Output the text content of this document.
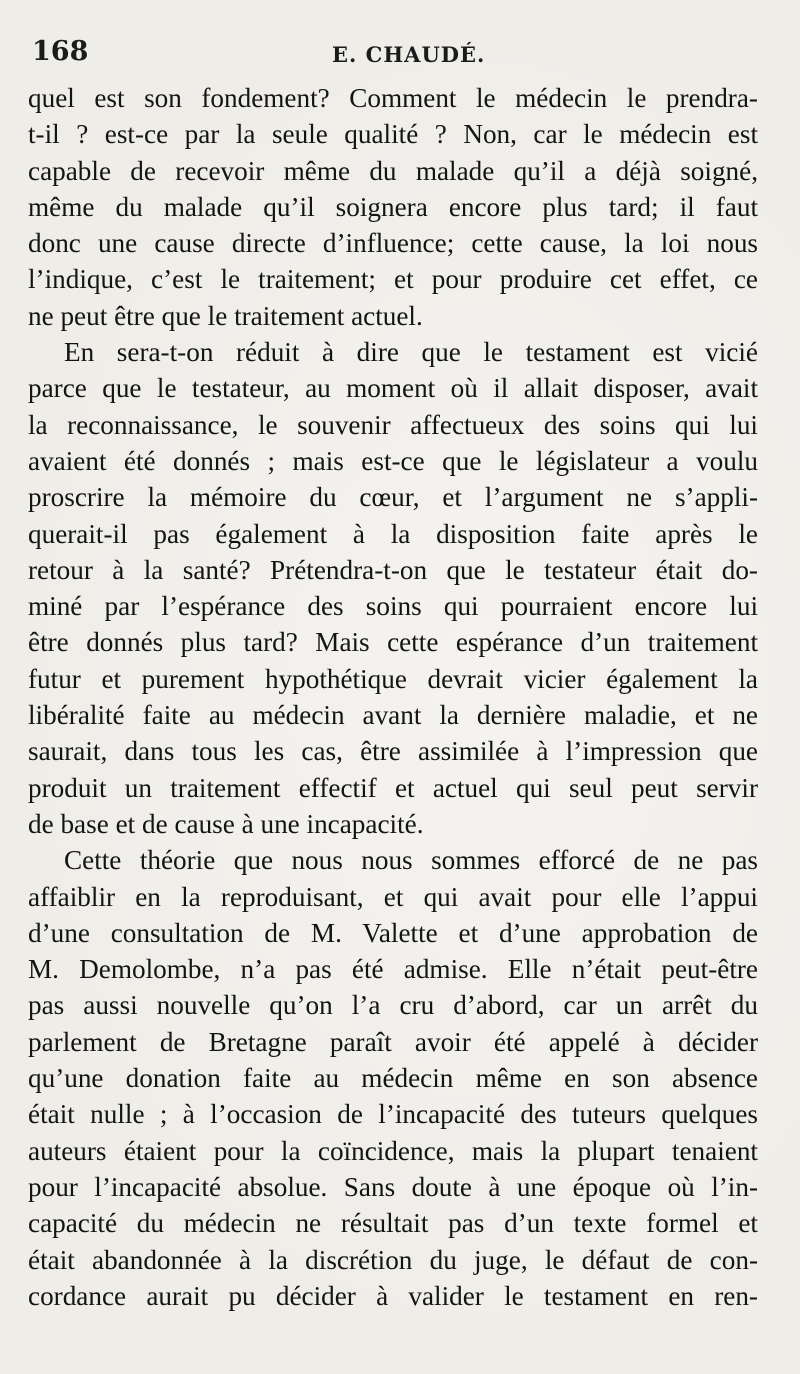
168	E. CHAUDÉ.
quel est son fondement? Comment le médecin le prendra-
t-il ? est-ce par la seule qualité ? Non, car le médecin est
capable de recevoir même du malade qu’il a déjà soigné,
même du malade qu’il soignera encore plus tard; il faut
donc une cause directe d’influence; cette cause, la loi nous
l’indique, c’est le traitement; et pour produire cet effet, ce
ne peut être que le traitement actuel.
En sera-t-on réduit à dire que le testament est vicié
parce que le testateur, au moment où il allait disposer, avait
la reconnaissance, le souvenir affectueux des soins qui lui
avaient été donnés ; mais est-ce que le législateur a voulu
proscrire la mémoire du cœur, et l’argument ne s’appli-
querait-il pas également à la disposition faite après le
retour à la santé? Prétendra-t-on que le testateur était do-
miné par l’espérance des soins qui pourraient encore lui
être donnés plus tard? Mais cette espérance d’un traitement
futur et purement hypothétique devrait vicier également la
libéralité faite au médecin avant la dernière maladie, et ne
saurait, dans tous les cas, être assimilée à l’impression que
produit un traitement effectif et actuel qui seul peut servir
de base et de cause à une incapacité.
Cette théorie que nous nous sommes efforcé de ne pas
affaiblir en la reproduisant, et qui avait pour elle l’appui
d’une consultation de M. Valette et d’une approbation de
M. Demolombe, n’a pas été admise. Elle n’était peut-être
pas aussi nouvelle qu’on l’a cru d’abord, car un arrêt du
parlement de Bretagne paraît avoir été appelé à décider
qu’une donation faite au médecin même en son absence
était nulle ; à l’occasion de l’incapacité des tuteurs quelques
auteurs étaient pour la coïncidence, mais la plupart tenaient
pour l’incapacité absolue. Sans doute à une époque où l’in-
capacité du médecin ne résultait pas d’un texte formel et
était abandonnée à la discrétion du juge, le défaut de con-
cordance aurait pu décider à valider le testament en ren-
